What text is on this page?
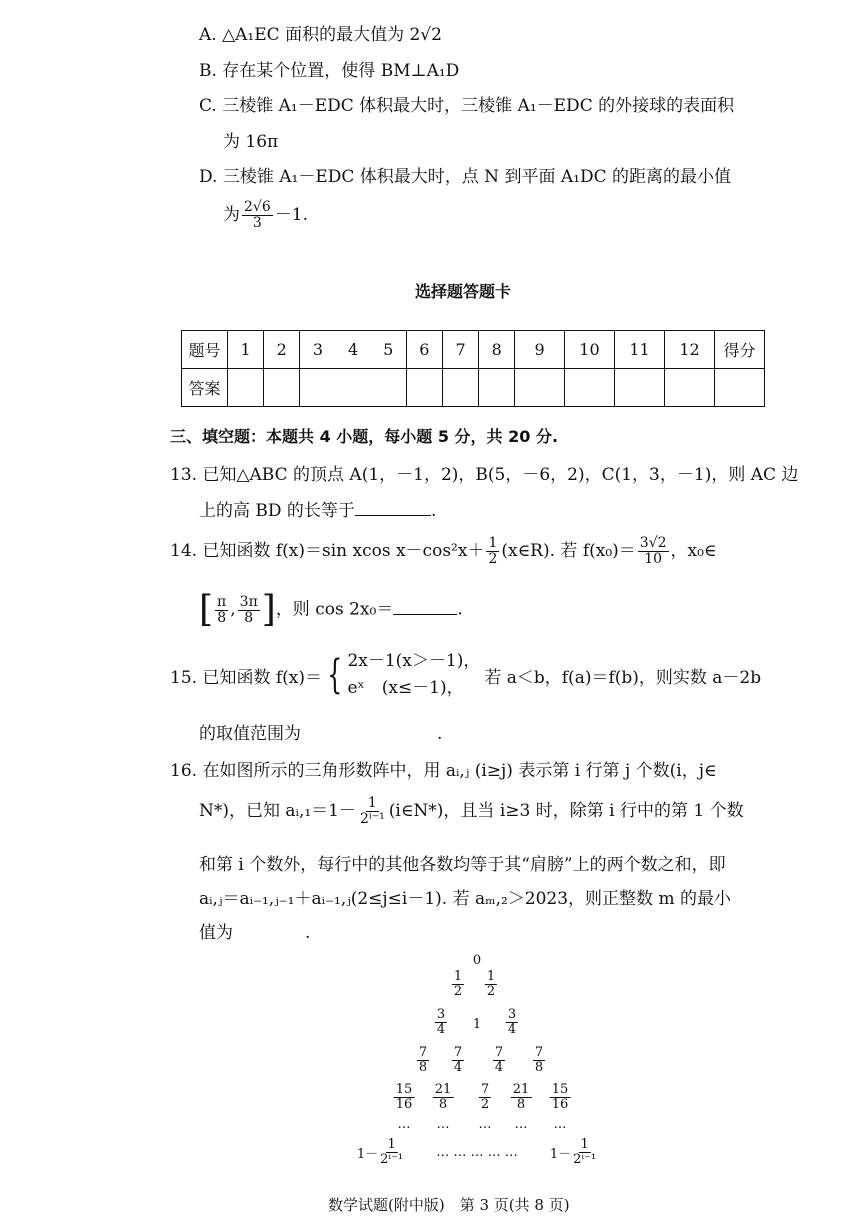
A. △A₁EC 面积的最大值为 2√2
B. 存在某个位置，使得 BM⊥A₁D
C. 三棱锥 A₁－EDC 体积最大时，三棱锥 A₁－EDC 的外接球的表面积
为 16π
D. 三棱锥 A₁－EDC 体积最大时，点 N 到平面 A₁DC 的距离的最小值
为 $\frac{2√6}{3} -1$.
选择题答题卡
题号	1	2	3	4	5	6	7	8	9	10	11	12	得分
答案													
三、填空题：本题共 4 小题，每小题 5 分，共 20 分.
13. 已知△ABC 的顶点 A(1，－1，2)，B(5，－6，2)，C(1，3，－1)，则 AC 边
上的高 BD 的长等于	.
14. 已知函数 f(x)＝sin xcos $x-\cos^2x+ \frac{1}{2}$ (x∈R). 若 $f(x_0)= \frac{3√2}{10}$ ，x₀∈
[ $\frac{\pi}{8}$ , $\frac{3\pi}{8}$ ]，则 cos 2x₀＝	.
15. 已知函数 f(x)＝ { 2x－1(x＞－1)，
eˣ　(x≤－1)，
若 a＜b，f(a)＝f(b)，则实数 a－2b
的取值范围为	.
16. 在如图所示的三角形数阵中，用 aᵢ,ⱼ (i≥j) 表示第 i 行第 j 个数(i，j∈
N*)，已知 aᵢ,₁＝1－ $\frac{1}{\text{2ⁱ⁻¹}}$ (i∈N*)，且当 i≥3 时，除第 i 行中的第 1 个数
和第 i 个数外，每行中的其他各数均等于其“肩膀”上的两个数之和，即
aᵢ,ⱼ＝aᵢ₋₁,ⱼ₋₁＋aᵢ₋₁,ⱼ(2≤j≤i－1). 若 aₘ,₂＞2023，则正整数 m 的最小
值为	.
0
$\frac{1}{2} \frac{1}{2}$
$\frac{3}{4} 1 \frac{3}{4}$
$\frac{7}{8} \frac{7}{4} \frac{7}{4} \frac{7}{8}$
$\frac{15}{16} \frac{21}{8} \frac{7}{2} \frac{21}{8} \frac{15}{16}$
… … … … …
$1- \frac{1}{\text{2ⁱ⁻¹}}$ … … … … … $1- \frac{1}{\text{2ⁱ⁻¹}}$
数学试题(附中版)　第 3 页(共 8 页)
